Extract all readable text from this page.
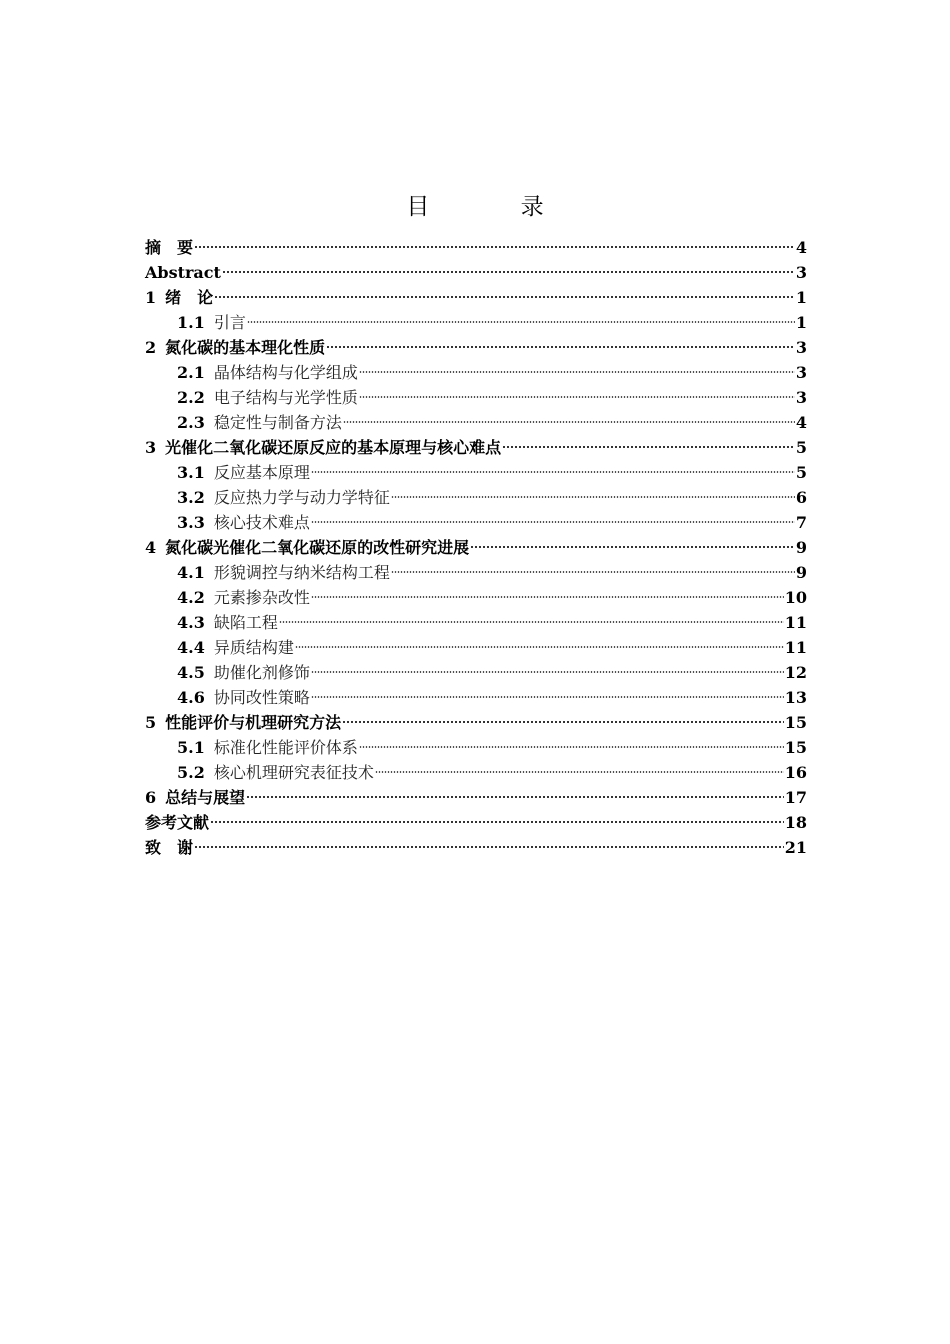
目 录
摘　要	4
Abstract	3
1 绪　论	1
1.1 引言	1
2 氮化碳的基本理化性质	3
2.1 晶体结构与化学组成	3
2.2 电子结构与光学性质	3
2.3 稳定性与制备方法	4
3 光催化二氧化碳还原反应的基本原理与核心难点	5
3.1 反应基本原理	5
3.2 反应热力学与动力学特征	6
3.3 核心技术难点	7
4 氮化碳光催化二氧化碳还原的改性研究进展	9
4.1 形貌调控与纳米结构工程	9
4.2 元素掺杂改性	10
4.3 缺陷工程	11
4.4 异质结构建	11
4.5 助催化剂修饰	12
4.6 协同改性策略	13
5 性能评价与机理研究方法	15
5.1 标准化性能评价体系	15
5.2 核心机理研究表征技术	16
6 总结与展望	17
参考文献	18
致　谢	21
